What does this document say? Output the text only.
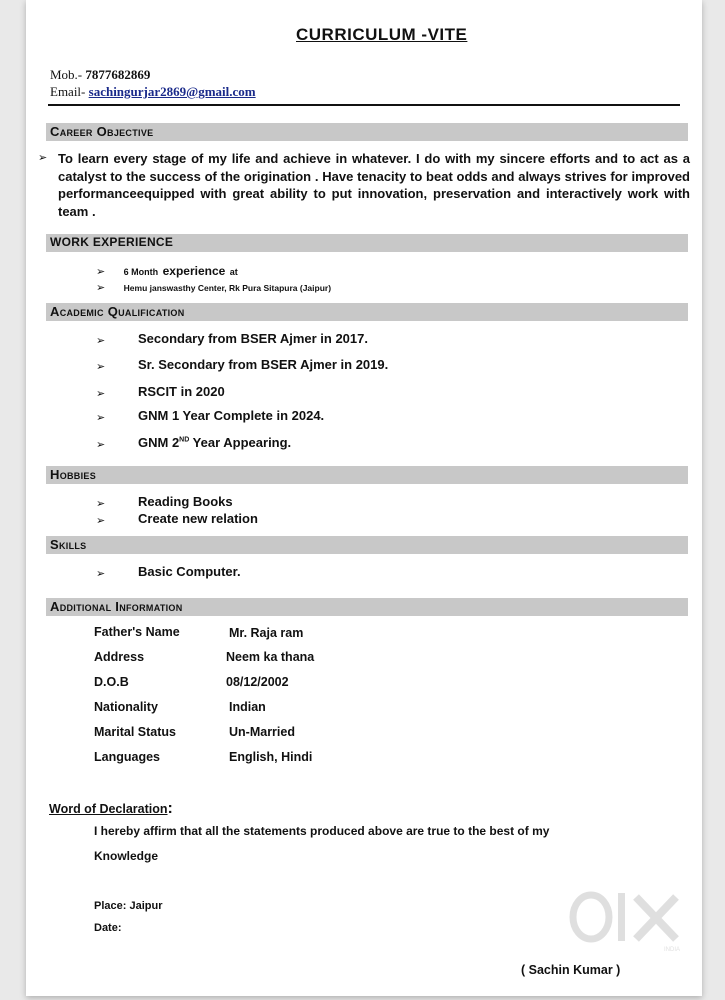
CURRICULUM -VITE
Mob.- 7877682869
Email- sachingurjar2869@gmail.com
Career Objective
➢ To learn every stage of my life and achieve in whatever. I do with my sincere efforts and to act as a catalyst to the success of the origination . Have tenacity to beat odds and always strives for improved performanceequipped with great ability to put innovation, preservation and interactively work with team .
WORK EXPERIENCE
➢ 6 Month experience at
➢ Hemu janswasthy Center, Rk Pura Sitapura (Jaipur)
Academic Qualification
➢	Secondary from BSER Ajmer in 2017.
➢	Sr. Secondary from BSER Ajmer in 2019.
➢	RSCIT in 2020
➢	GNM 1 Year Complete in 2024.
➢	GNM 2ND Year Appearing.
Hobbies
➢	Reading Books
➢	Create new relation
Skills
➢	Basic Computer.
Additional Information
Father's Name	Mr. Raja ram
Address	Neem ka thana
D.O.B	08/12/2002
Nationality	Indian
Marital Status	Un-Married
Languages	English, Hindi
Word of Declaration:
I hereby affirm that all the statements produced above are true to the best of my
Knowledge
Place: Jaipur
Date:
( Sachin Kumar )
INDIA
